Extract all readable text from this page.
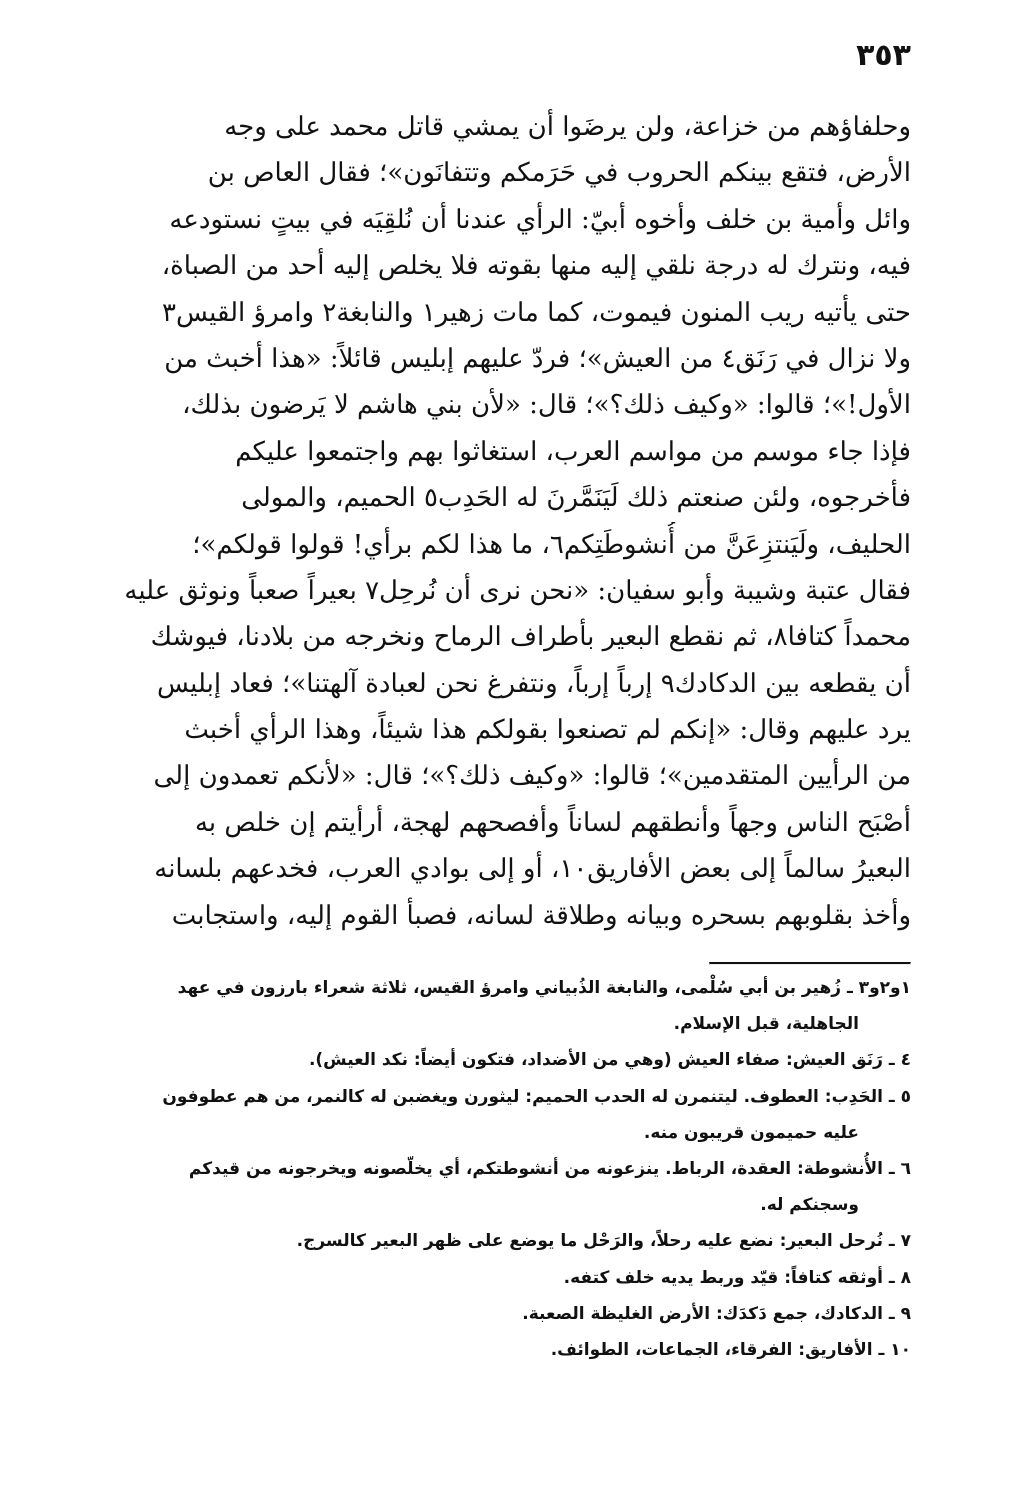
٣٥٣
وحلفاؤهم من خزاعة، ولن يرضَوا أن يمشي قاتل محمد على وجه
الأرض، فتقع بينكم الحروب في حَرَمكم وتتفانَون»؛ فقال العاص بن
وائل وأمية بن خلف وأخوه أبيّ: الرأي عندنا أن نُلقِيَه في بيتٍ نستودعه
فيه، ونترك له درجة نلقي إليه منها بقوته فلا يخلص إليه أحد من الصباة،
حتى يأتيه ريب المنون فيموت، كما مات زهير١ والنابغة٢ وامرؤ القيس٣
ولا نزال في رَنَق٤ من العيش»؛ فردّ عليهم إبليس قائلاً: «هذا أخبث من
الأول!»؛ قالوا: «وكيف ذلك؟»؛ قال: «لأن بني هاشم لا يَرضون بذلك،
فإذا جاء موسم من مواسم العرب، استغاثوا بهم واجتمعوا عليكم
فأخرجوه، ولئن صنعتم ذلك لَيَنَمَّرنَ له الحَدِب٥ الحميم، والمولى
الحليف، ولَيَنتزِعَنَّ من أُنشوطَتِكم٦، ما هذا لكم برأي! قولوا قولكم»؛
فقال عتبة وشيبة وأبو سفيان: «نحن نرى أن نُرحِل٧ بعيراً صعباً ونوثق عليه
محمداً كتافا٨، ثم نقطع البعير بأطراف الرماح ونخرجه من بلادنا، فيوشك
أن يقطعه بين الدكادك٩ إرباً إرباً، ونتفرغ نحن لعبادة آلهتنا»؛ فعاد إبليس
يرد عليهم وقال: «إنكم لم تصنعوا بقولكم هذا شيئاً، وهذا الرأي أخبث
من الرأيين المتقدمين»؛ قالوا: «وكيف ذلك؟»؛ قال: «لأنكم تعمدون إلى
أصْبَح الناس وجهاً وأنطقهم لساناً وأفصحهم لهجة، أرأيتم إن خلص به
البعيرُ سالماً إلى بعض الأفاريق١٠، أو إلى بوادي العرب، فخدعهم بلسانه
وأخذ بقلوبهم بسحره وبيانه وطلاقة لسانه، فصبأ القوم إليه، واستجابت
١و٢و٣ ـ زُهير بن أبي سُلْمى، والنابغة الذُبياني وامرؤ القيس، ثلاثة شعراء بارزون في عهد
الجاهلية، قبل الإسلام.
٤ ـ رَنَق العيش: صفاء العيش (وهي من الأضداد، فتكون أيضاً: نكد العيش).
٥ ـ الحَدِب: العطوف. ليتنمرن له الحدب الحميم: ليثورن ويغضبن له كالنمر، من هم عطوفون
عليه حميمون قريبون منه.
٦ ـ الأُنشوطة: العقدة، الرباط. ينزعونه من أنشوطتكم، أي يخلّصونه ويخرجونه من قيدكم
وسجنكم له.
٧ ـ نُرحل البعير: نضع عليه رحلاً، والرَحْل ما يوضع على ظهر البعير كالسرج.
٨ ـ أوثقه كتافاً: قيّد وربط يديه خلف كتفه.
٩ ـ الدكادك، جمع دَكدَك: الأرض الغليظة الصعبة.
١٠ ـ الأفاريق: الفرقاء، الجماعات، الطوائف.
